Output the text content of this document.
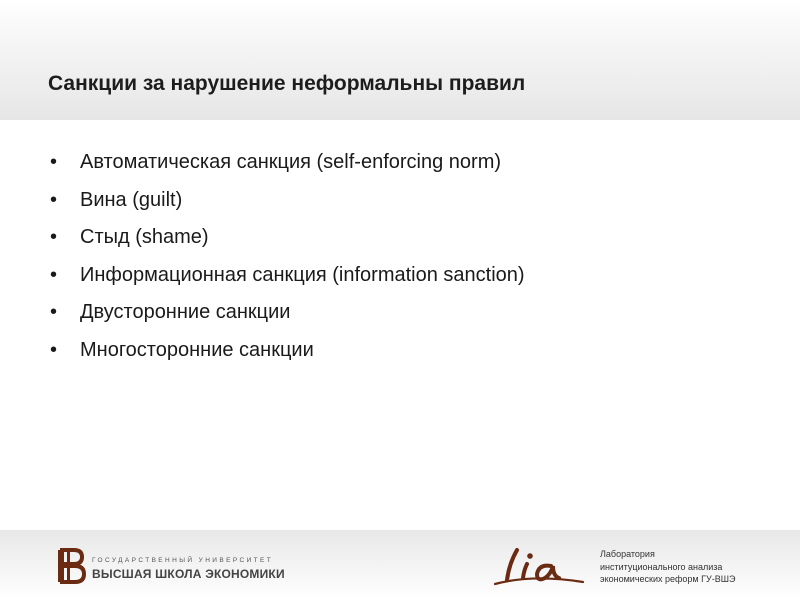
Санкции за нарушение неформальны правил
•	Автоматическая санкция (self-enforcing norm)
•	Вина (guilt)
•	Стыд (shame)
•	Информационная санкция (information sanction)
•	Двусторонние санкции
•	Многосторонние санкции
ГОСУДАРСТВЕННЫЙ УНИВЕРСИТЕТ
ВЫСШАЯ ШКОЛА ЭКОНОМИКИ
Лаборатория
институционального анализа
экономических реформ ГУ-ВШЭ
